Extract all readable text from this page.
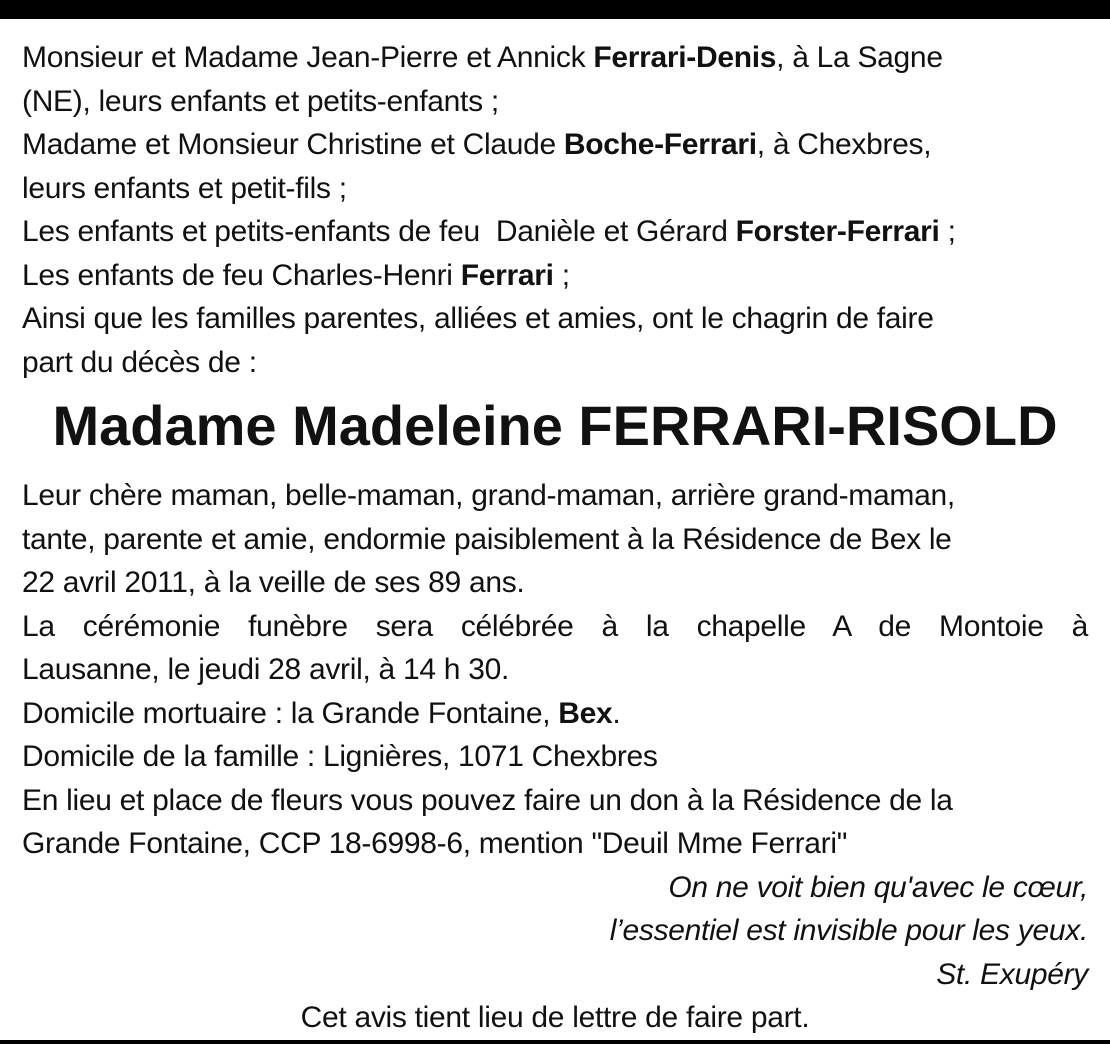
Monsieur et Madame Jean-Pierre et Annick Ferrari-Denis, à La Sagne
(NE), leurs enfants et petits-enfants ;
Madame et Monsieur Christine et Claude Boche-Ferrari, à Chexbres,
leurs enfants et petit-fils ;
Les enfants et petits-enfants de feu  Danièle et Gérard Forster-Ferrari ;
Les enfants de feu Charles-Henri Ferrari ;
Ainsi que les familles parentes, alliées et amies, ont le chagrin de faire
part du décès de :
Madame Madeleine FERRARI-RISOLD
Leur chère maman, belle-maman, grand-maman, arrière grand-maman,
tante, parente et amie, endormie paisiblement à la Résidence de Bex le
22 avril 2011, à la veille de ses 89 ans.
La cérémonie funèbre sera célébrée à la chapelle A de Montoie à
Lausanne, le jeudi 28 avril, à 14 h 30.
Domicile mortuaire : la Grande Fontaine, Bex.
Domicile de la famille : Lignières, 1071 Chexbres
En lieu et place de fleurs vous pouvez faire un don à la Résidence de la
Grande Fontaine, CCP 18-6998-6, mention "Deuil Mme Ferrari"
On ne voit bien qu'avec le cœur,
l’essentiel est invisible pour les yeux.
St. Exupéry
Cet avis tient lieu de lettre de faire part.
